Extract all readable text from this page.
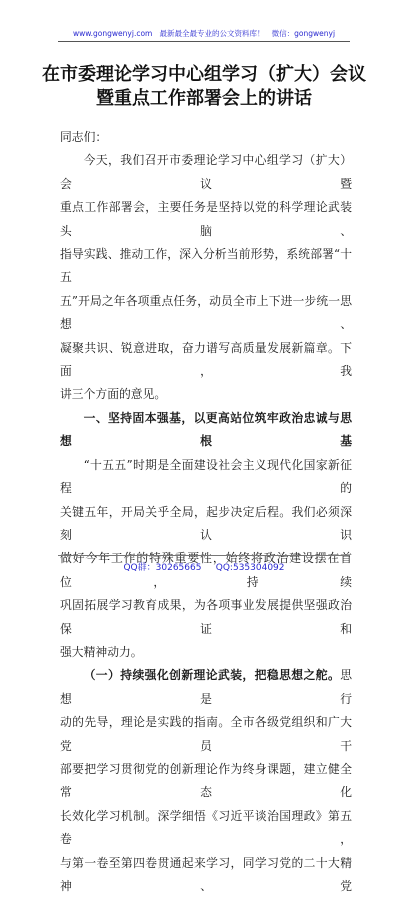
www.gongwenyj.com 最新最全最专业的公文资料库！ 微信：gongwenyj
在市委理论学习中心组学习（扩大）会议
暨重点工作部署会上的讲话

同志们：

今天，我们召开市委理论学习中心组学习（扩大）会议暨

重点工作部署会，主要任务是坚持以党的科学理论武装头脑、

指导实践、推动工作，深入分析当前形势，系统部署“十五

五”开局之年各项重点任务，动员全市上下进一步统一思想、

凝聚共识、锐意进取，奋力谱写高质量发展新篇章。下面，我

讲三个方面的意见。

一、坚持固本强基，以更高站位筑牢政治忠诚与思想根基

“十五五”时期是全面建设社会主义现代化国家新征程的

关键五年，开局关乎全局，起步决定后程。我们必须深刻认识

做好今年工作的特殊重要性，始终将政治建设摆在首位，持续

巩固拓展学习教育成果，为各项事业发展提供坚强政治保证和

强大精神动力。

（一）持续强化创新理论武装，把稳思想之舵。思想是行

动的先导，理论是实践的指南。全市各级党组织和广大党员干

部要把学习贯彻党的创新理论作为终身课题，建立健全常态化

长效化学习机制。深学细悟《习近平谈治国理政》第五卷，

与第一卷至第四卷贯通起来学习，同学习党的二十大精神、党

QQ群：30265665 QQ:535304092
